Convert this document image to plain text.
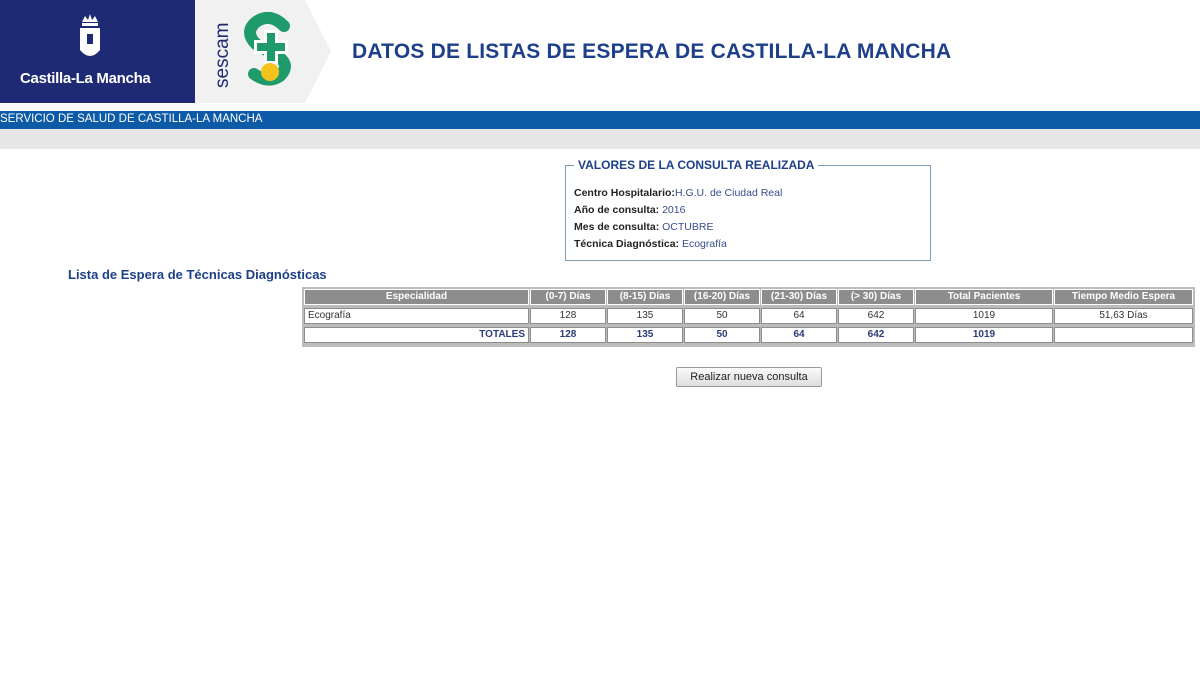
Castilla-La Mancha	sescam	DATOS DE LISTAS DE ESPERA DE CASTILLA-LA MANCHA
SERVICIO DE SALUD DE CASTILLA-LA MANCHA
VALORES DE LA CONSULTA REALIZADA
Centro Hospitalario:H.G.U. de Ciudad Real
Año de consulta: 2016
Mes de consulta: OCTUBRE
Técnica Diagnóstica: Ecografía
Lista de Espera de Técnicas Diagnósticas
Especialidad	(0-7) Días	(8-15) Días	(16-20) Días	(21-30) Días	(> 30) Días	Total Pacientes	Tiempo Medio Espera
Ecografía	128	135	50	64	642	1019	51,63 Días
TOTALES	128	135	50	64	642	1019
Realizar nueva consulta
